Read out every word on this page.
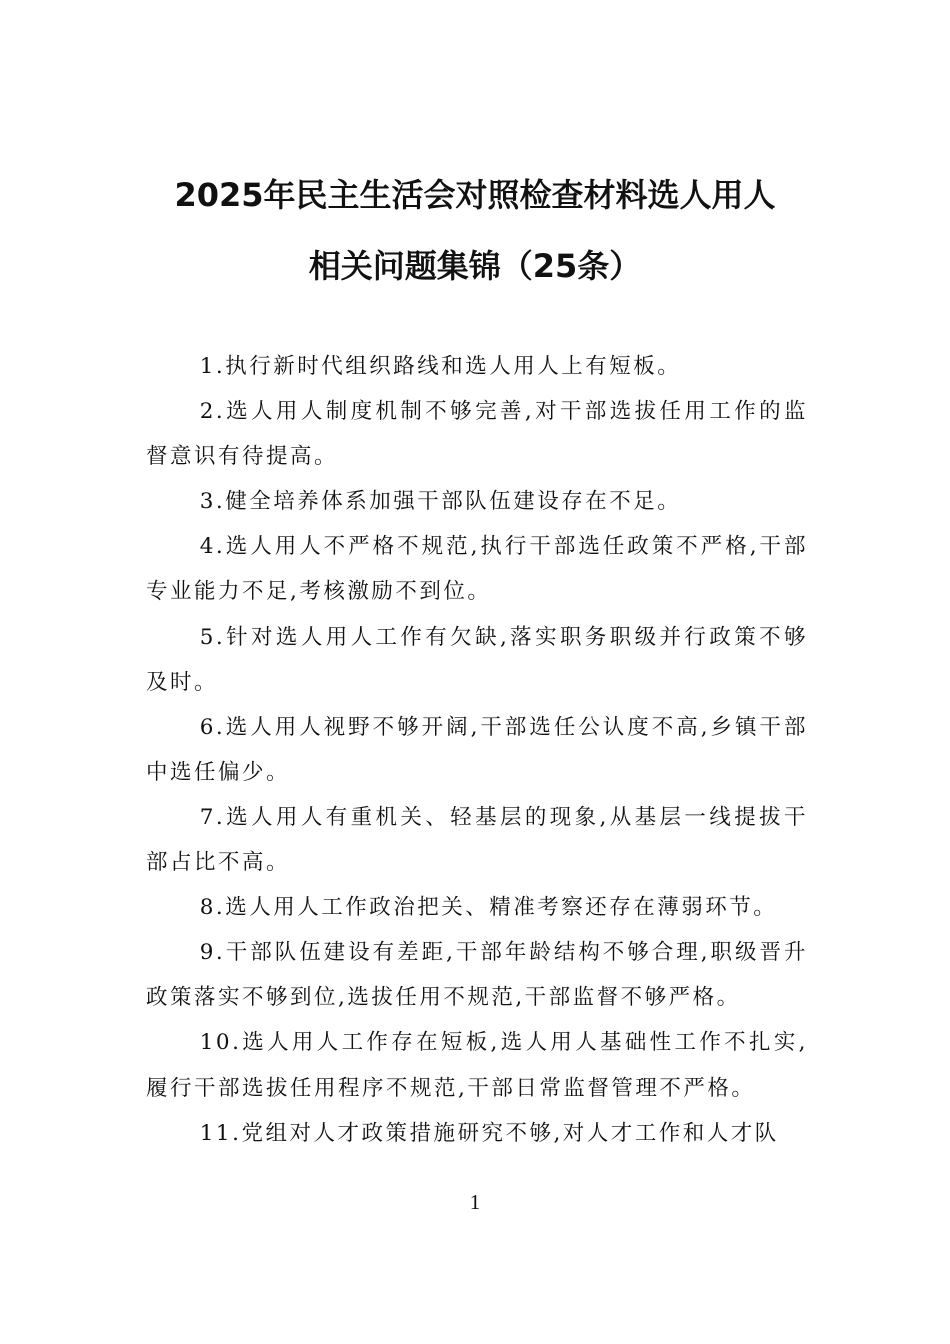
2025年民主生活会对照检查材料选人用人
相关问题集锦（25条）

1.执行新时代组织路线和选人用人上有短板。

2.选人用人制度机制不够完善,对干部选拔任用工作的监督意识有待提高。

3.健全培养体系加强干部队伍建设存在不足。

4.选人用人不严格不规范,执行干部选任政策不严格,干部专业能力不足,考核激励不到位。

5.针对选人用人工作有欠缺,落实职务职级并行政策不够及时。

6.选人用人视野不够开阔,干部选任公认度不高,乡镇干部中选任偏少。

7.选人用人有重机关、轻基层的现象,从基层一线提拔干部占比不高。

8.选人用人工作政治把关、精准考察还存在薄弱环节。

9.干部队伍建设有差距,干部年龄结构不够合理,职级晋升政策落实不够到位,选拔任用不规范,干部监督不够严格。

10.选人用人工作存在短板,选人用人基础性工作不扎实,履行干部选拔任用程序不规范,干部日常监督管理不严格。

11.党组对人才政策措施研究不够,对人才工作和人才队

1
